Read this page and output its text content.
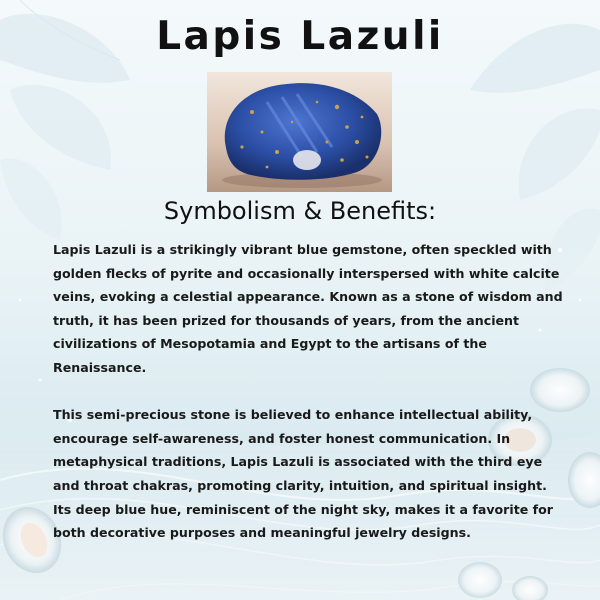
Lapis Lazuli
Symbolism & Benefits:

Lapis Lazuli is a strikingly vibrant blue gemstone, often speckled with golden flecks of pyrite and occasionally interspersed with white calcite veins, evoking a celestial appearance. Known as a stone of wisdom and truth, it has been prized for thousands of years, from the ancient civilizations of Mesopotamia and Egypt to the artisans of the Renaissance.

This semi-precious stone is believed to enhance intellectual ability, encourage self-awareness, and foster honest communication. In metaphysical traditions, Lapis Lazuli is associated with the third eye and throat chakras, promoting clarity, intuition, and spiritual insight. Its deep blue hue, reminiscent of the night sky, makes it a favorite for both decorative purposes and meaningful jewelry designs.
